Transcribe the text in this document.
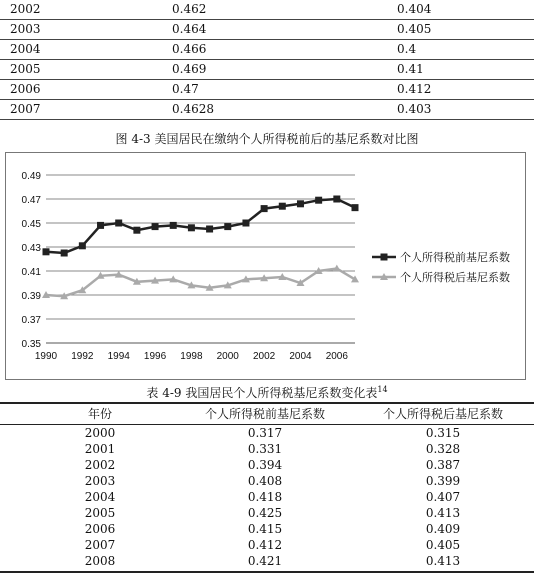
2002	0.462	0.404
2003	0.464	0.405
2004	0.466	0.4
2005	0.469	0.41
2006	0.47	0.412
2007	0.4628	0.403
图 4-3 美国居民在缴纳个人所得税前后的基尼系数对比图
0.35
0.37
0.39
0.41
0.43
0.45
0.47
0.49
1990 1992 1994 1996 1998 2000 2002 2004 2006
个人所得税前基尼系数
个人所得税后基尼系数
表 4-9 我国居民个人所得税基尼系数变化表$^{14}$
年份	个人所得税前基尼系数	个人所得税后基尼系数
2000	0.317	0.315
2001	0.331	0.328
2002	0.394	0.387
2003	0.408	0.399
2004	0.418	0.407
2005	0.425	0.413
2006	0.415	0.409
2007	0.412	0.405
2008	0.421	0.413
